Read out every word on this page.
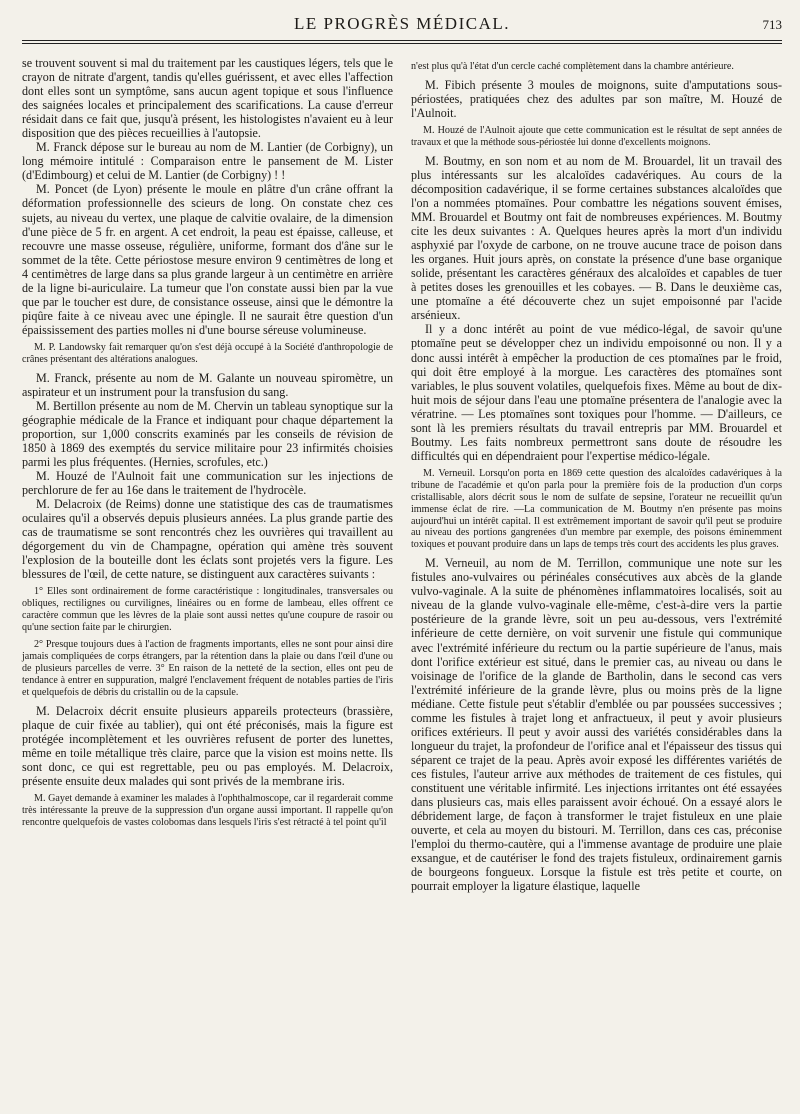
LE PROGRÈS MÉDICAL.	713

se trouvent souvent si mal du traitement par les caustiques légers, tels que le crayon de nitrate d'argent, tandis qu'elles guérissent, et avec elles l'affection dont elles sont un symptôme, sans aucun agent topique et sous l'influence des saignées locales et principalement des scarifications. La cause d'erreur résidait dans ce fait que, jusqu'à présent, les histologistes n'avaient eu à leur disposition que des pièces recueillies à l'autopsie.

M. Franck dépose sur le bureau au nom de M. Lantier (de Corbigny), un long mémoire intitulé : Comparaison entre le pansement de M. Lister (d'Edimbourg) et celui de M. Lantier (de Corbigny) ! !

M. Poncet (de Lyon) présente le moule en plâtre d'un crâne offrant la déformation professionnelle des scieurs de long. On constate chez ces sujets, au niveau du vertex, une plaque de calvitie ovalaire, de la dimension d'une pièce de 5 fr. en argent. A cet endroit, la peau est épaisse, calleuse, et recouvre une masse osseuse, régulière, uniforme, formant dos d'âne sur le sommet de la tête. Cette périostose mesure environ 9 centimètres de long et 4 centimètres de large dans sa plus grande largeur à un centimètre en arrière de la ligne bi-auriculaire. La tumeur que l'on constate aussi bien par la vue que par le toucher est dure, de consistance osseuse, ainsi que le démontre la piqûre faite à ce niveau avec une épingle. Il ne saurait être question d'un épaississement des parties molles ni d'une bourse séreuse volumineuse.

M. P. Landowsky fait remarquer qu'on s'est déjà occupé à la Société d'anthropologie de crânes présentant des altérations analogues.

M. Franck, présente au nom de M. Galante un nouveau spiromètre, un aspirateur et un instrument pour la transfusion du sang.

M. Bertillon présente au nom de M. Chervin un tableau synoptique sur la géographie médicale de la France et indiquant pour chaque département la proportion, sur 1,000 conscrits examinés par les conseils de révision de 1850 à 1869 des exemptés du service militaire pour 23 infirmités choisies parmi les plus fréquentes. (Hernies, scrofules, etc.)

M. Houzé de l'Aulnoit fait une communication sur les injections de perchlorure de fer au 16e dans le traitement de l'hydrocèle.

M. Delacroix (de Reims) donne une statistique des cas de traumatismes oculaires qu'il a observés depuis plusieurs années. La plus grande partie des cas de traumatisme se sont rencontrés chez les ouvrières qui travaillent au dégorgement du vin de Champagne, opération qui amène très souvent l'explosion de la bouteille dont les éclats sont projetés vers la figure. Les blessures de l'œil, de cette nature, se distinguent aux caractères suivants :

1° Elles sont ordinairement de forme caractéristique : longitudinales, transversales ou obliques, rectilignes ou curvilignes, linéaires ou en forme de lambeau, elles offrent ce caractère commun que les lèvres de la plaie sont aussi nettes qu'une coupure de rasoir ou qu'une section faite par le chirurgien.

2° Presque toujours dues à l'action de fragments importants, elles ne sont pour ainsi dire jamais compliquées de corps étrangers, par la rétention dans la plaie ou dans l'œil d'une ou de plusieurs parcelles de verre. 3° En raison de la netteté de la section, elles ont peu de tendance à entrer en suppuration, malgré l'enclavement fréquent de notables parties de l'iris et quelquefois de débris du cristallin ou de la capsule.

M. Delacroix décrit ensuite plusieurs appareils protecteurs (brassière, plaque de cuir fixée au tablier), qui ont été préconisés, mais la figure est protégée incomplètement et les ouvrières refusent de porter des lunettes, même en toile métallique très claire, parce que la vision est moins nette. Ils sont donc, ce qui est regrettable, peu ou pas employés. M. Delacroix, présente ensuite deux malades qui sont privés de la membrane iris.

M. Gayet demande à examiner les malades à l'ophthalmoscope, car il regarderait comme très intéressante la preuve de la suppression d'un organe aussi important. Il rappelle qu'on rencontre quelquefois de vastes colobomas dans lesquels l'iris s'est rétracté à tel point qu'il

n'est plus qu'à l'état d'un cercle caché complètement dans la chambre antérieure.

M. Fibich présente 3 moules de moignons, suite d'amputations sous-périostées, pratiquées chez des adultes par son maître, M. Houzé de l'Aulnoit.

M. Houzé de l'Aulnoit ajoute que cette communication est le résultat de sept années de travaux et que la méthode sous-périostée lui donne d'excellents moignons.

M. Boutmy, en son nom et au nom de M. Brouardel, lit un travail des plus intéressants sur les alcaloïdes cadavériques. Au cours de la décomposition cadavérique, il se forme certaines substances alcaloïdes que l'on a nommées ptomaïnes. Pour combattre les négations souvent émises, MM. Brouardel et Boutmy ont fait de nombreuses expériences. M. Boutmy cite les deux suivantes : A. Quelques heures après la mort d'un individu asphyxié par l'oxyde de carbone, on ne trouve aucune trace de poison dans les organes. Huit jours après, on constate la présence d'une base organique solide, présentant les caractères généraux des alcaloïdes et capables de tuer à petites doses les grenouilles et les cobayes. — B. Dans le deuxième cas, une ptomaïne a été découverte chez un sujet empoisonné par l'acide arsénieux.

Il y a donc intérêt au point de vue médico-légal, de savoir qu'une ptomaïne peut se développer chez un individu empoisonné ou non. Il y a donc aussi intérêt à empêcher la production de ces ptomaïnes par le froid, qui doit être employé à la morgue. Les caractères des ptomaïnes sont variables, le plus souvent volatiles, quelquefois fixes. Même au bout de dix-huit mois de séjour dans l'eau une ptomaïne présentera de l'analogie avec la vératrine. — Les ptomaïnes sont toxiques pour l'homme. — D'ailleurs, ce sont là les premiers résultats du travail entrepris par MM. Brouardel et Boutmy. Les faits nombreux permettront sans doute de résoudre les difficultés qui en dépendraient pour l'expertise médico-légale.

M. Verneuil. Lorsqu'on porta en 1869 cette question des alcaloïdes cadavériques à la tribune de l'académie et qu'on parla pour la première fois de la production d'un corps cristallisable, alors décrit sous le nom de sulfate de sepsine, l'orateur ne recueillit qu'un immense éclat de rire. —La communication de M. Boutmy n'en présente pas moins aujourd'hui un intérêt capital. Il est extrêmement important de savoir qu'il peut se produire au niveau des portions gangrenées d'un membre par exemple, des poisons éminemment toxiques et pouvant produire dans un laps de temps très court des accidents les plus graves.

M. Verneuil, au nom de M. Terrillon, communique une note sur les fistules ano-vulvaires ou périnéales consécutives aux abcès de la glande vulvo-vaginale. A la suite de phénomènes inflammatoires localisés, soit au niveau de la glande vulvo-vaginale elle-même, c'est-à-dire vers la partie postérieure de la grande lèvre, soit un peu au-dessous, vers l'extrémité inférieure de cette dernière, on voit survenir une fistule qui communique avec l'extrémité inférieure du rectum ou la partie supérieure de l'anus, mais dont l'orifice extérieur est situé, dans le premier cas, au niveau ou dans le voisinage de l'orifice de la glande de Bartholin, dans le second cas vers l'extrémité inférieure de la grande lèvre, plus ou moins près de la ligne médiane. Cette fistule peut s'établir d'emblée ou par poussées successives ; comme les fistules à trajet long et anfractueux, il peut y avoir plusieurs orifices extérieurs. Il peut y avoir aussi des variétés considérables dans la longueur du trajet, la profondeur de l'orifice anal et l'épaisseur des tissus qui séparent ce trajet de la peau. Après avoir exposé les différentes variétés de ces fistules, l'auteur arrive aux méthodes de traitement de ces fistules, qui constituent une véritable infirmité. Les injections irritantes ont été essayées dans plusieurs cas, mais elles paraissent avoir échoué. On a essayé alors le débridement large, de façon à transformer le trajet fistuleux en une plaie ouverte, et cela au moyen du bistouri. M. Terrillon, dans ces cas, préconise l'emploi du thermo-cautère, qui a l'immense avantage de produire une plaie exsangue, et de cautériser le fond des trajets fistuleux, ordinairement garnis de bourgeons fongueux. Lorsque la fistule est très petite et courte, on pourrait employer la ligature élastique, laquelle
